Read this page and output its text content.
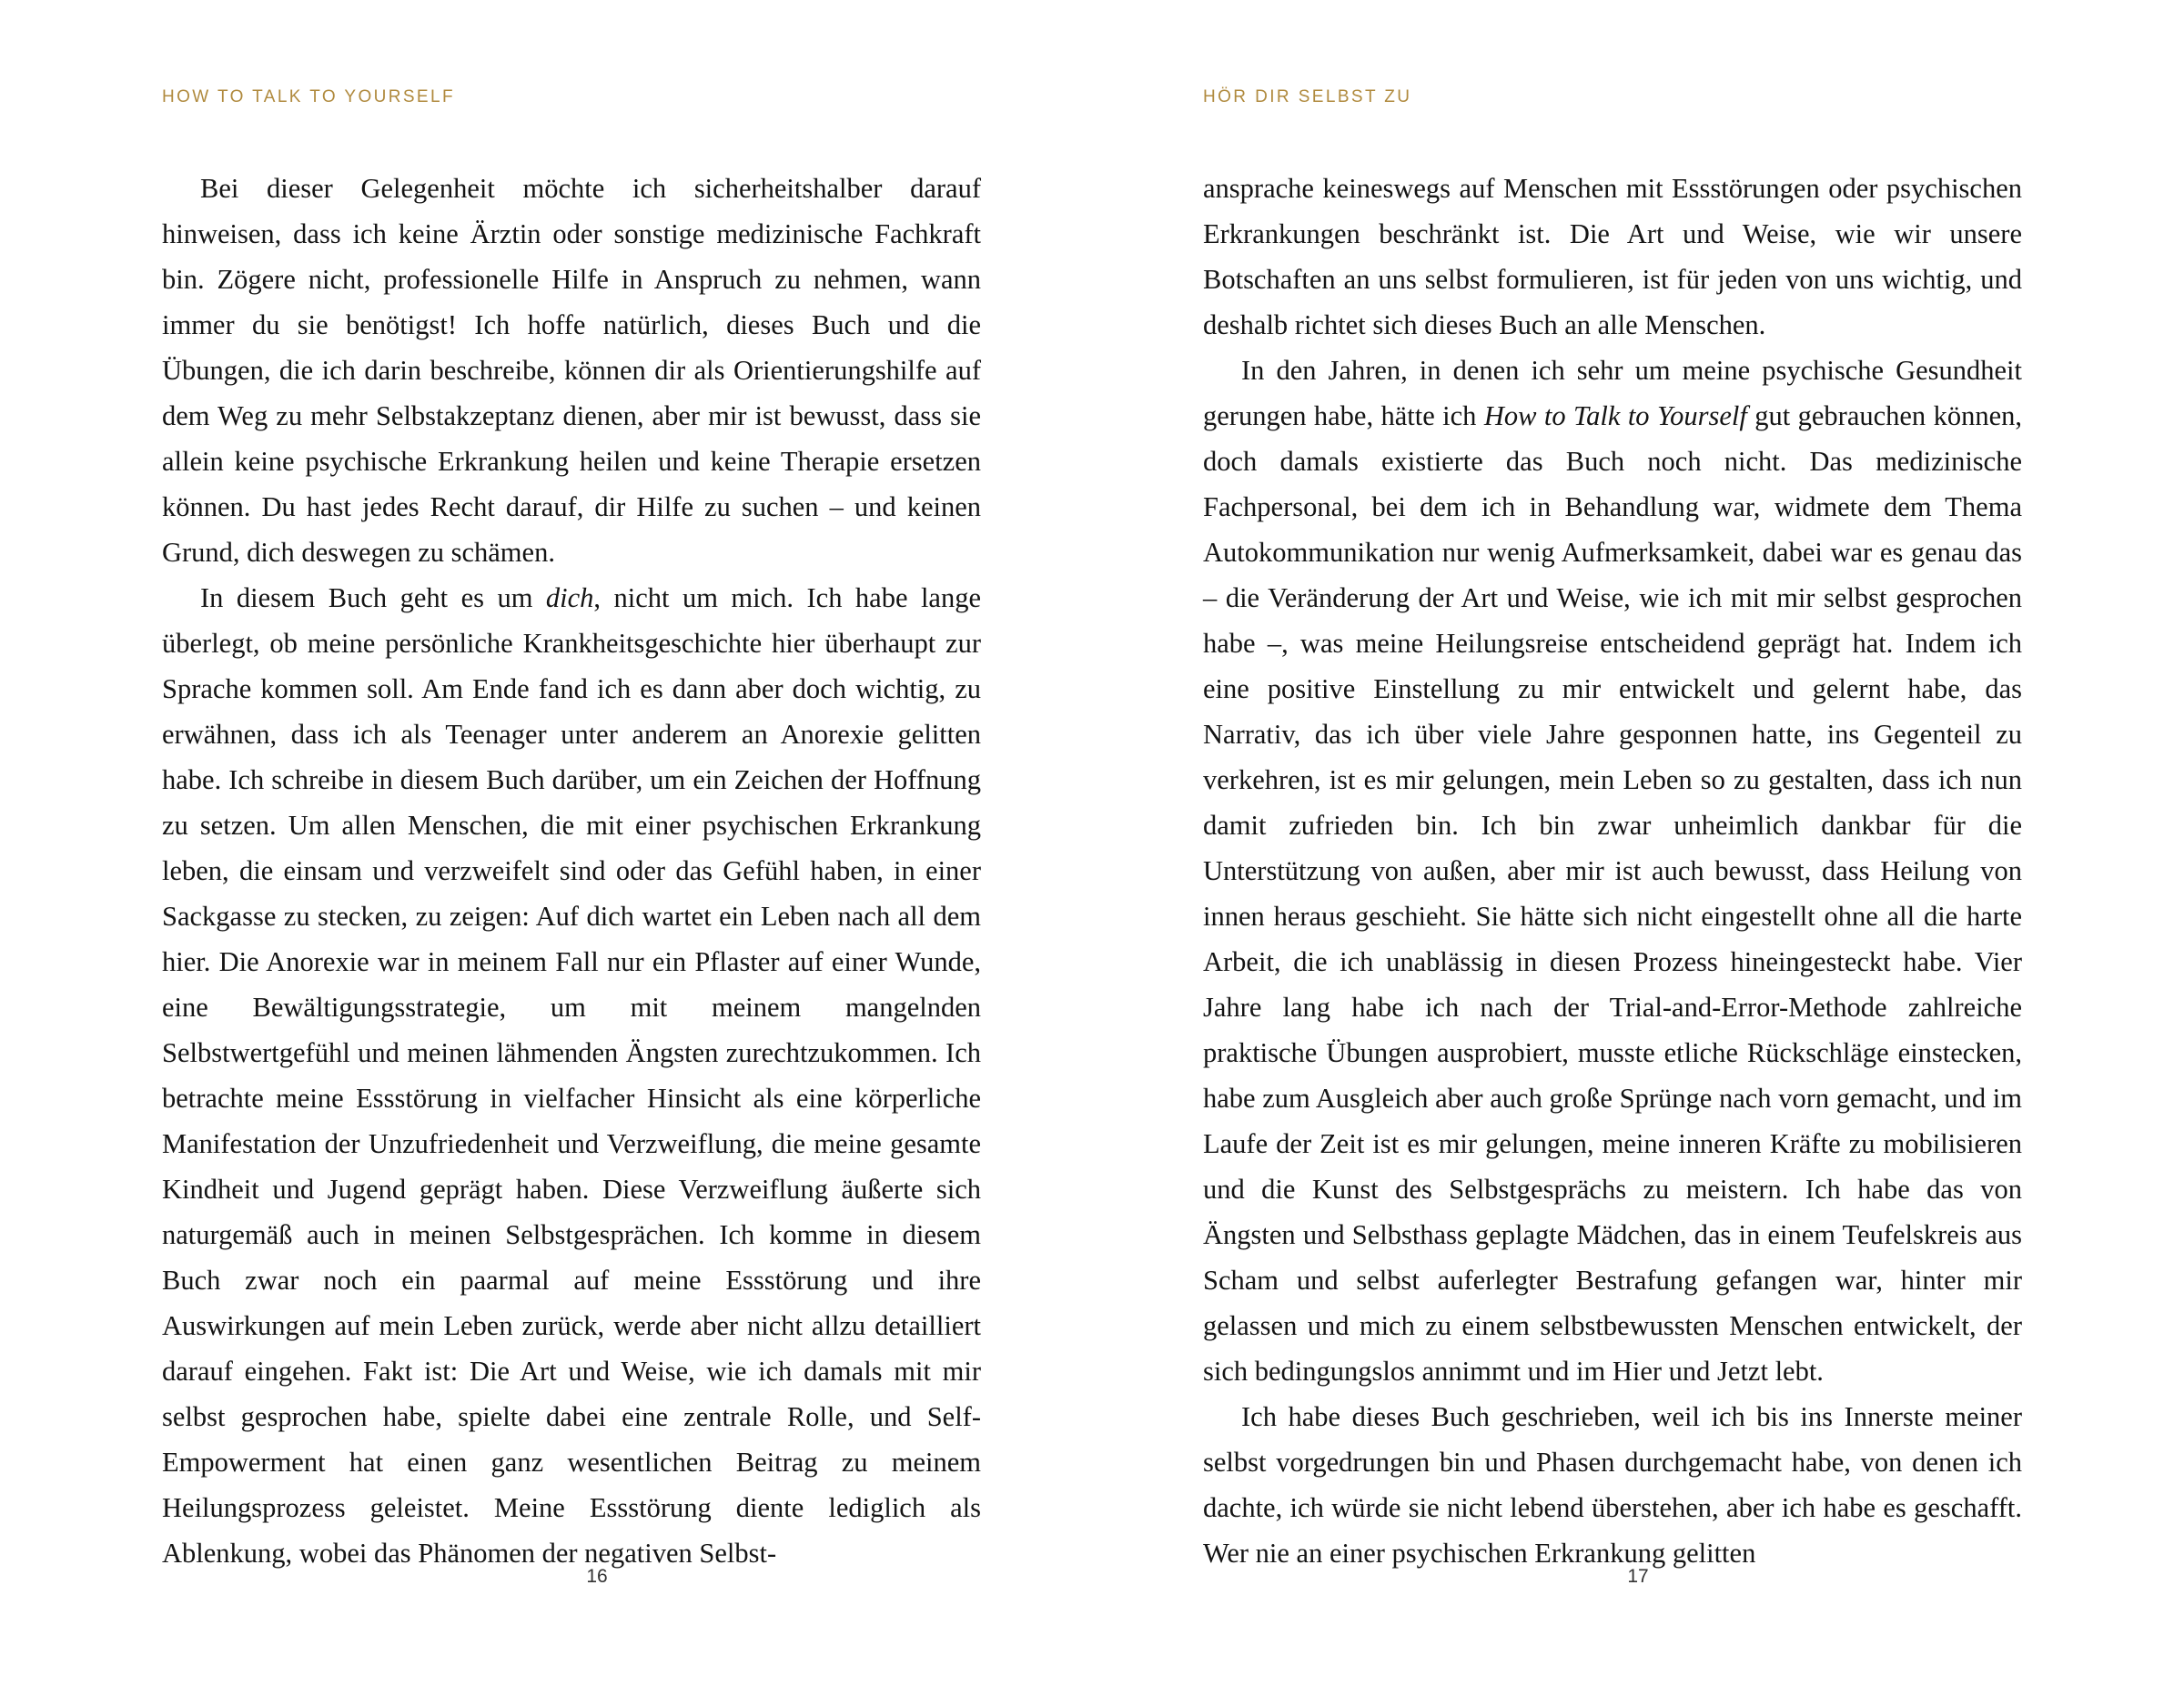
HOW TO TALK TO YOURSELF

Bei dieser Gelegenheit möchte ich sicherheitshalber darauf hinweisen, dass ich keine Ärztin oder sonstige medizinische Fachkraft bin. Zögere nicht, professionelle Hilfe in Anspruch zu nehmen, wann immer du sie benötigst! Ich hoffe natürlich, dieses Buch und die Übungen, die ich darin beschreibe, können dir als Orientierungshilfe auf dem Weg zu mehr Selbstakzeptanz dienen, aber mir ist bewusst, dass sie allein keine psychische Erkrankung heilen und keine Therapie ersetzen können. Du hast jedes Recht darauf, dir Hilfe zu suchen – und keinen Grund, dich deswegen zu schämen.

In diesem Buch geht es um dich, nicht um mich. Ich habe lange überlegt, ob meine persönliche Krankheitsgeschichte hier überhaupt zur Sprache kommen soll. Am Ende fand ich es dann aber doch wichtig, zu erwähnen, dass ich als Teenager unter anderem an Anorexie gelitten habe. Ich schreibe in diesem Buch darüber, um ein Zeichen der Hoffnung zu setzen. Um allen Menschen, die mit einer psychischen Erkrankung leben, die einsam und verzweifelt sind oder das Gefühl haben, in einer Sackgasse zu stecken, zu zeigen: Auf dich wartet ein Leben nach all dem hier. Die Anorexie war in meinem Fall nur ein Pflaster auf einer Wunde, eine Bewältigungsstrategie, um mit meinem mangelnden Selbstwertgefühl und meinen lähmenden Ängsten zurechtzukommen. Ich betrachte meine Essstörung in vielfacher Hinsicht als eine körperliche Manifestation der Unzufriedenheit und Verzweiflung, die meine gesamte Kindheit und Jugend geprägt haben. Diese Verzweiflung äußerte sich naturgemäß auch in meinen Selbstgesprächen. Ich komme in diesem Buch zwar noch ein paarmal auf meine Essstörung und ihre Auswirkungen auf mein Leben zurück, werde aber nicht allzu detailliert darauf eingehen. Fakt ist: Die Art und Weise, wie ich damals mit mir selbst gesprochen habe, spielte dabei eine zentrale Rolle, und Self-Empowerment hat einen ganz wesentlichen Beitrag zu meinem Heilungsprozess geleistet. Meine Essstörung diente lediglich als Ablenkung, wobei das Phänomen der negativen Selbst-

16
HÖR DIR SELBST ZU

ansprache keineswegs auf Menschen mit Essstörungen oder psychischen Erkrankungen beschränkt ist. Die Art und Weise, wie wir unsere Botschaften an uns selbst formulieren, ist für jeden von uns wichtig, und deshalb richtet sich dieses Buch an alle Menschen.

In den Jahren, in denen ich sehr um meine psychische Gesundheit gerungen habe, hätte ich How to Talk to Yourself gut gebrauchen können, doch damals existierte das Buch noch nicht. Das medizinische Fachpersonal, bei dem ich in Behandlung war, widmete dem Thema Autokommunikation nur wenig Aufmerksamkeit, dabei war es genau das – die Veränderung der Art und Weise, wie ich mit mir selbst gesprochen habe –, was meine Heilungsreise entscheidend geprägt hat. Indem ich eine positive Einstellung zu mir entwickelt und gelernt habe, das Narrativ, das ich über viele Jahre gesponnen hatte, ins Gegenteil zu verkehren, ist es mir gelungen, mein Leben so zu gestalten, dass ich nun damit zufrieden bin. Ich bin zwar unheimlich dankbar für die Unterstützung von außen, aber mir ist auch bewusst, dass Heilung von innen heraus geschieht. Sie hätte sich nicht eingestellt ohne all die harte Arbeit, die ich unablässig in diesen Prozess hineingesteckt habe. Vier Jahre lang habe ich nach der Trial-and-Error-Methode zahlreiche praktische Übungen ausprobiert, musste etliche Rückschläge einstecken, habe zum Ausgleich aber auch große Sprünge nach vorn gemacht, und im Laufe der Zeit ist es mir gelungen, meine inneren Kräfte zu mobilisieren und die Kunst des Selbstgesprächs zu meistern. Ich habe das von Ängsten und Selbsthass geplagte Mädchen, das in einem Teufelskreis aus Scham und selbst auferlegter Bestrafung gefangen war, hinter mir gelassen und mich zu einem selbstbewussten Menschen entwickelt, der sich bedingungslos annimmt und im Hier und Jetzt lebt.

Ich habe dieses Buch geschrieben, weil ich bis ins Innerste meiner selbst vorgedrungen bin und Phasen durchgemacht habe, von denen ich dachte, ich würde sie nicht lebend überstehen, aber ich habe es geschafft. Wer nie an einer psychischen Erkrankung gelitten

17
